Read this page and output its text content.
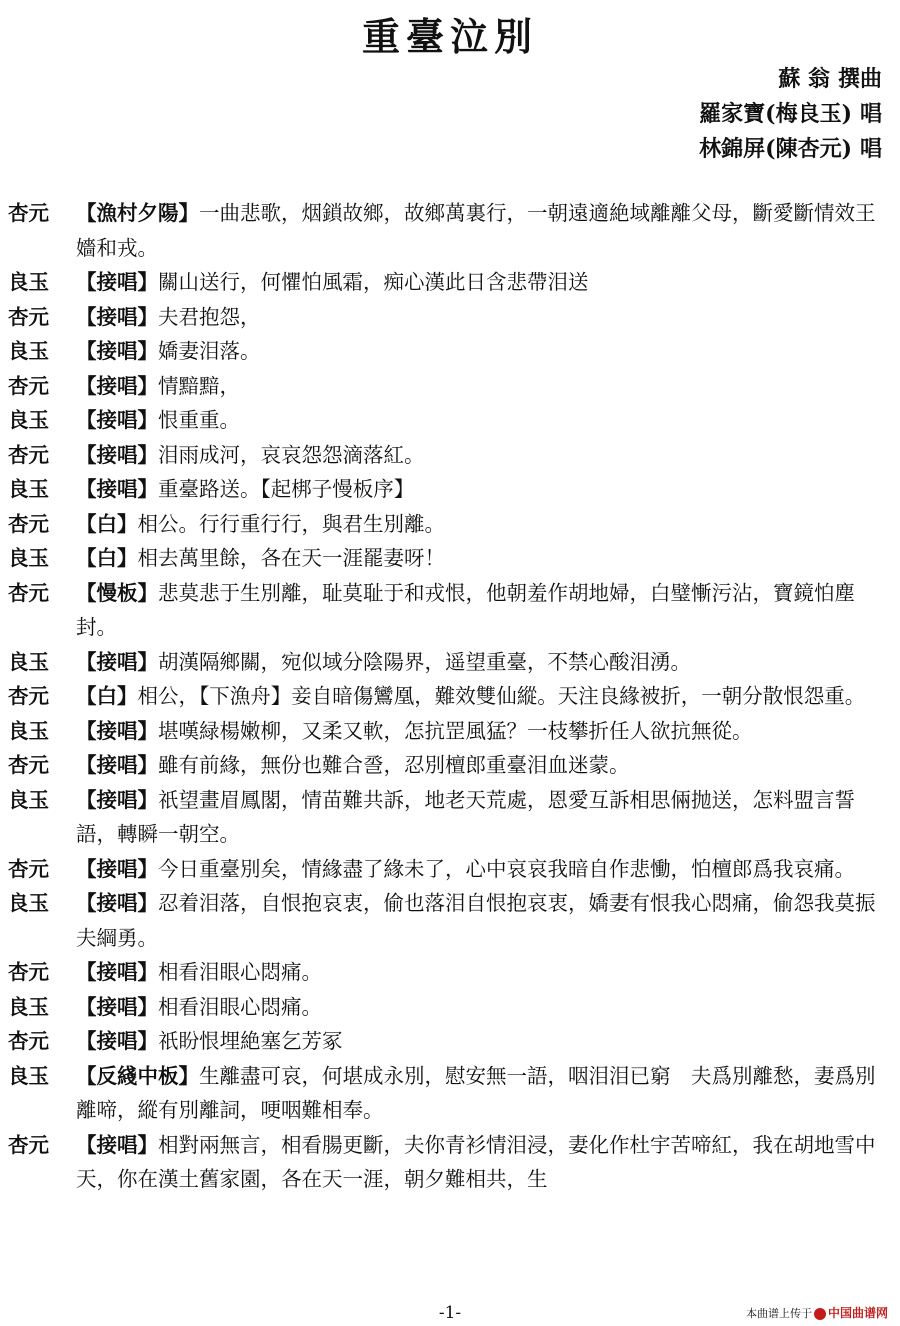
重臺泣別
蘇 翁 撰曲
羅家寶(梅良玉) 唱
林錦屏(陳杏元) 唱
杏元	【漁村夕陽】一曲悲歌，烟鎖故鄉，故鄉萬裏行，一朝遠適絶域離離父母，斷愛斷情效王嬙和戎。
良玉	【接唱】關山送行，何懼怕風霜，痴心漢此日含悲帶泪送
杏元	【接唱】夫君抱怨，
良玉	【接唱】嬌妻泪落。
杏元	【接唱】情黯黯，
良玉	【接唱】恨重重。
杏元	【接唱】泪雨成河，哀哀怨怨滴落紅。
良玉	【接唱】重臺路送。【起梆子慢板序】
杏元	【白】相公。行行重行行，與君生別離。
良玉	【白】相去萬里餘，各在天一涯罷妻呀！
杏元	【慢板】悲莫悲于生別離，耻莫耻于和戎恨，他朝羞作胡地婦，白璧慚污沾，寶鏡怕塵封。
良玉	【接唱】胡漢隔鄉關，宛似域分陰陽界，遥望重臺，不禁心酸泪湧。
杏元	【白】相公，【下漁舟】妾自暗傷鸞凰，難效雙仙縱。天注良緣被折，一朝分散恨怨重。
良玉	【接唱】堪嘆緑楊嫩柳，又柔又軟，怎抗罡風猛？一枝攀折任人欲抗無從。
杏元	【接唱】雖有前緣，無份也難合巹，忍別檀郎重臺泪血迷蒙。
良玉	【接唱】祇望畫眉鳳閣，情苗難共訴，地老天荒處，恩愛互訴相思倆抛送，怎料盟言誓語，轉瞬一朝空。
杏元	【接唱】今日重臺別矣，情緣盡了緣未了，心中哀哀我暗自作悲慟，怕檀郎爲我哀痛。
良玉	【接唱】忍着泪落，自恨抱哀衷，偷也落泪自恨抱哀衷，嬌妻有恨我心悶痛，偷怨我莫振夫綱勇。
杏元	【接唱】相看泪眼心悶痛。
良玉	【接唱】相看泪眼心悶痛。
杏元	【接唱】祇盼恨埋絶塞乞芳冢
良玉	【反綫中板】生離盡可哀，何堪成永別，慰安無一語，咽泪泪已窮　夫爲別離愁，妻爲別離啼，縱有別離詞，哽咽難相奉。
杏元	【接唱】相對兩無言，相看腸更斷，夫你青衫情泪浸，妻化作杜宇苦啼紅，我在胡地雪中天，你在漢土舊家園，各在天一涯，朝夕難相共，生
-1-	本曲谱上传于 中国曲谱网
